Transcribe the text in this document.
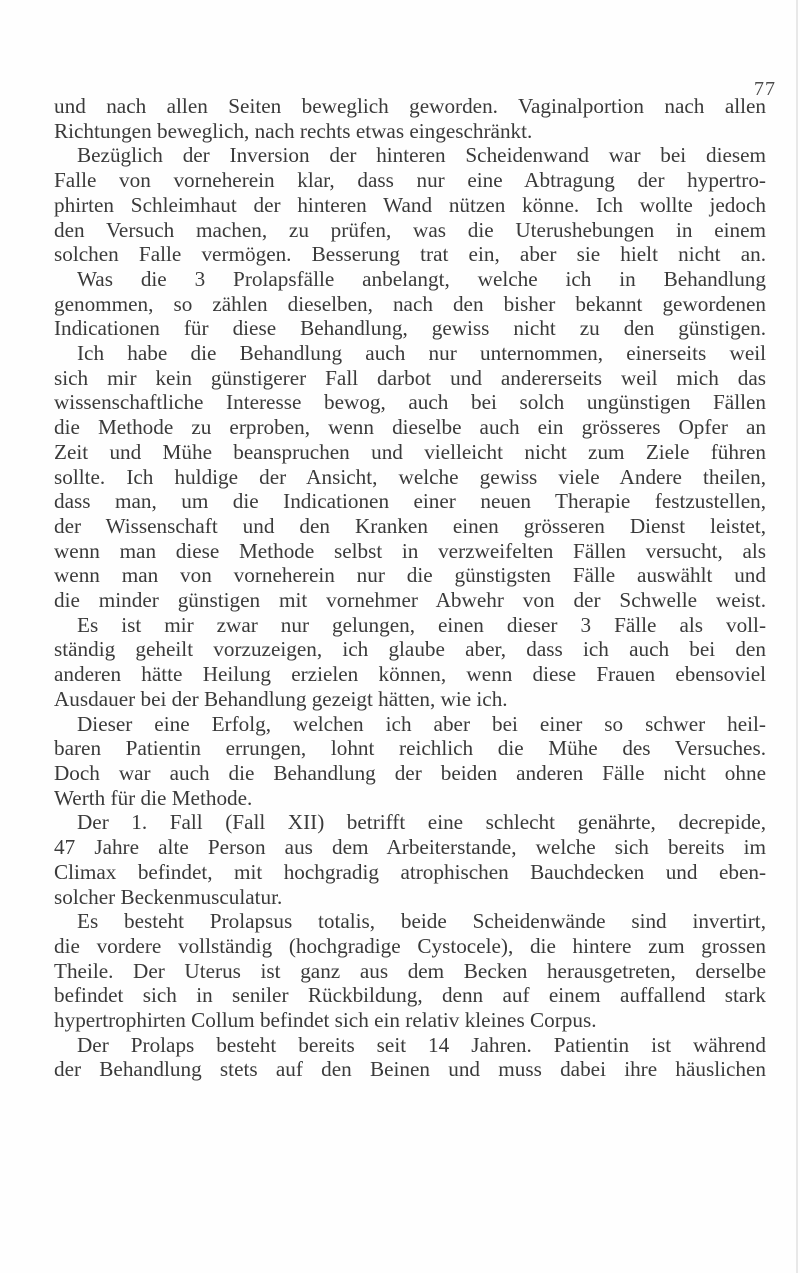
77
und nach allen Seiten beweglich geworden. Vaginalportion nach allen
Richtungen beweglich, nach rechts etwas eingeschränkt.
Bezüglich der Inversion der hinteren Scheidenwand war bei diesem
Falle von vorneherein klar, dass nur eine Abtragung der hypertro-
phirten Schleimhaut der hinteren Wand nützen könne. Ich wollte jedoch
den Versuch machen, zu prüfen, was die Uterushebungen in einem
solchen Falle vermögen. Besserung trat ein, aber sie hielt nicht an.
Was die 3 Prolapsfälle anbelangt, welche ich in Behandlung
genommen, so zählen dieselben, nach den bisher bekannt gewordenen
Indicationen für diese Behandlung, gewiss nicht zu den günstigen.
Ich habe die Behandlung auch nur unternommen, einerseits weil
sich mir kein günstigerer Fall darbot und andererseits weil mich das
wissenschaftliche Interesse bewog, auch bei solch ungünstigen Fällen
die Methode zu erproben, wenn dieselbe auch ein grösseres Opfer an
Zeit und Mühe beanspruchen und vielleicht nicht zum Ziele führen
sollte. Ich huldige der Ansicht, welche gewiss viele Andere theilen,
dass man, um die Indicationen einer neuen Therapie festzustellen,
der Wissenschaft und den Kranken einen grösseren Dienst leistet,
wenn man diese Methode selbst in verzweifelten Fällen versucht, als
wenn man von vorneherein nur die günstigsten Fälle auswählt und
die minder günstigen mit vornehmer Abwehr von der Schwelle weist.
Es ist mir zwar nur gelungen, einen dieser 3 Fälle als voll-
ständig geheilt vorzuzeigen, ich glaube aber, dass ich auch bei den
anderen hätte Heilung erzielen können, wenn diese Frauen ebensoviel
Ausdauer bei der Behandlung gezeigt hätten, wie ich.
Dieser eine Erfolg, welchen ich aber bei einer so schwer heil-
baren Patientin errungen, lohnt reichlich die Mühe des Versuches.
Doch war auch die Behandlung der beiden anderen Fälle nicht ohne
Werth für die Methode.
Der 1. Fall (Fall XII) betrifft eine schlecht genährte, decrepide,
47 Jahre alte Person aus dem Arbeiterstande, welche sich bereits im
Climax befindet, mit hochgradig atrophischen Bauchdecken und eben-
solcher Beckenmusculatur.
Es besteht Prolapsus totalis, beide Scheidenwände sind invertirt,
die vordere vollständig (hochgradige Cystocele), die hintere zum grossen
Theile. Der Uterus ist ganz aus dem Becken herausgetreten, derselbe
befindet sich in seniler Rückbildung, denn auf einem auffallend stark
hypertrophirten Collum befindet sich ein relativ kleines Corpus.
Der Prolaps besteht bereits seit 14 Jahren. Patientin ist während
der Behandlung stets auf den Beinen und muss dabei ihre häuslichen
